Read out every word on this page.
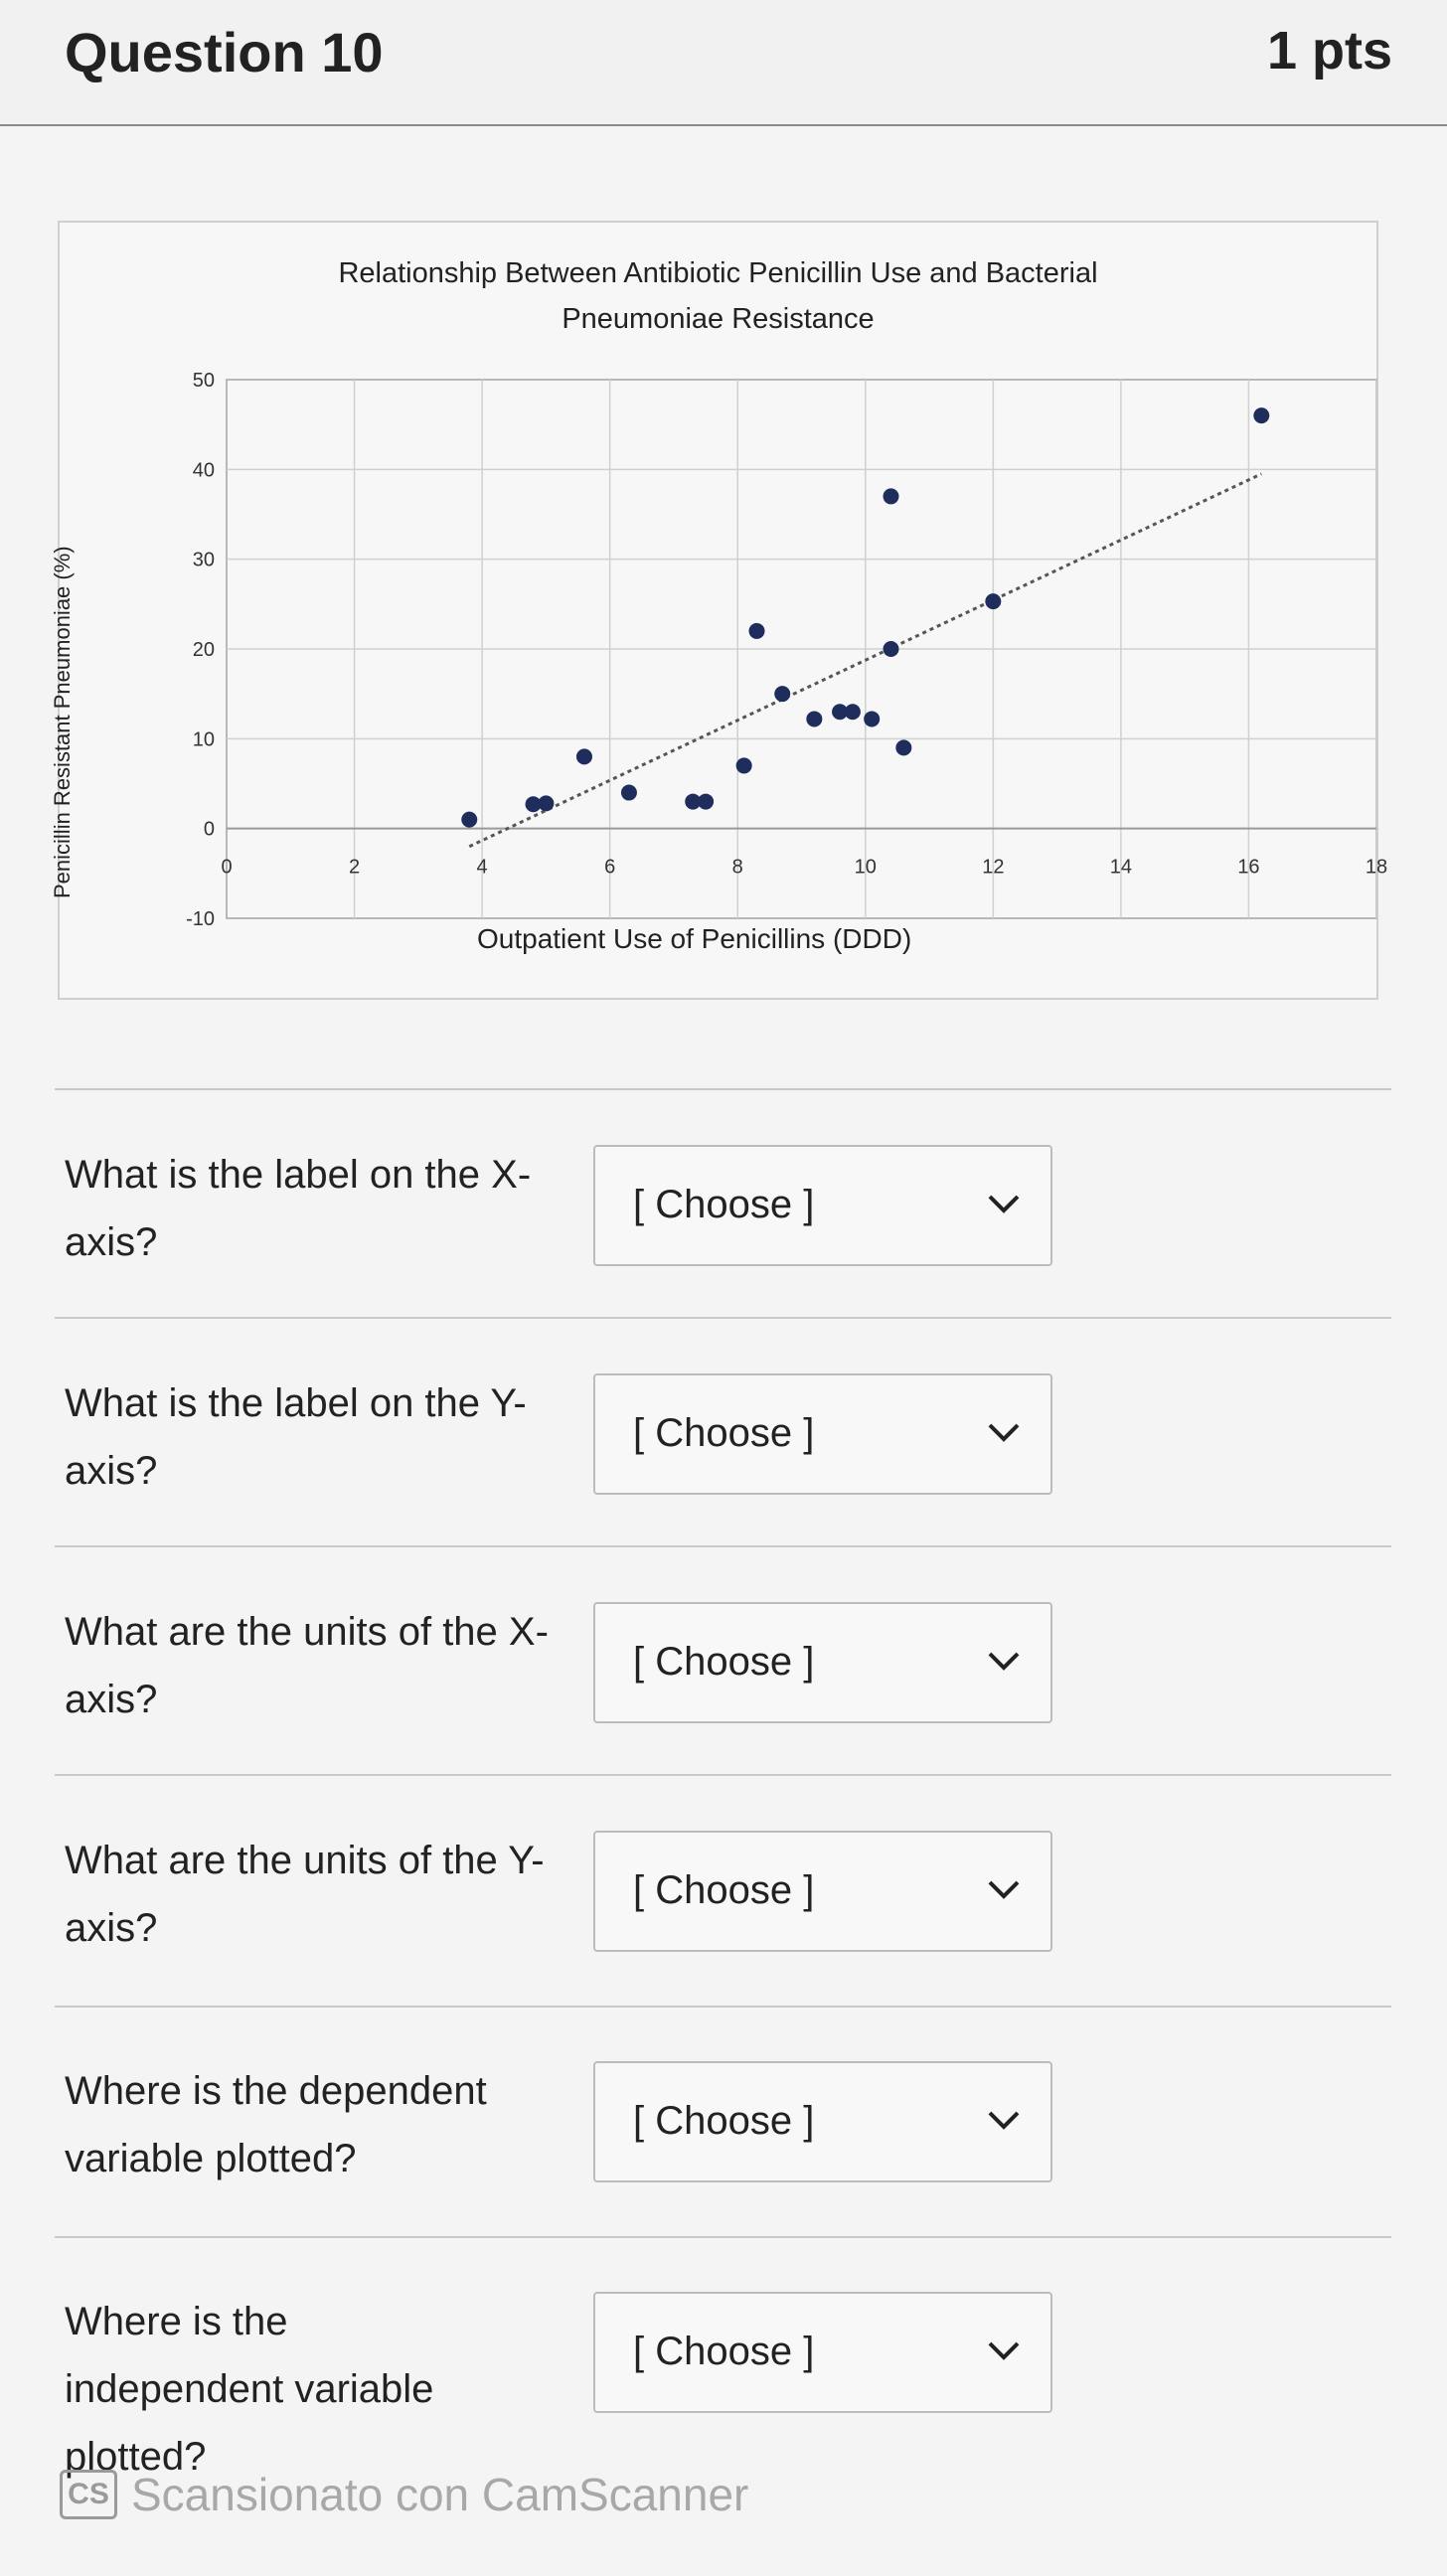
Question 10	1 pts
Relationship Between Antibiotic Penicillin Use and Bacterial
Pneumoniae Resistance
0	2	4	6	8	10	12	14	16	18
-10
0
10
20
30
40
50
Outpatient Use of Penicillins (DDD)
Penicillin Resistant Pneumoniae (%)
What is the label on the X-axis?
[ Choose ]
What is the label on the Y-axis?
[ Choose ]
What are the units of the X-axis?
[ Choose ]
What are the units of the Y-axis?
[ Choose ]
Where is the dependent variable plotted?
[ Choose ]
Where is the independent variable plotted?
[ Choose ]
CS Scansionato con CamScanner
